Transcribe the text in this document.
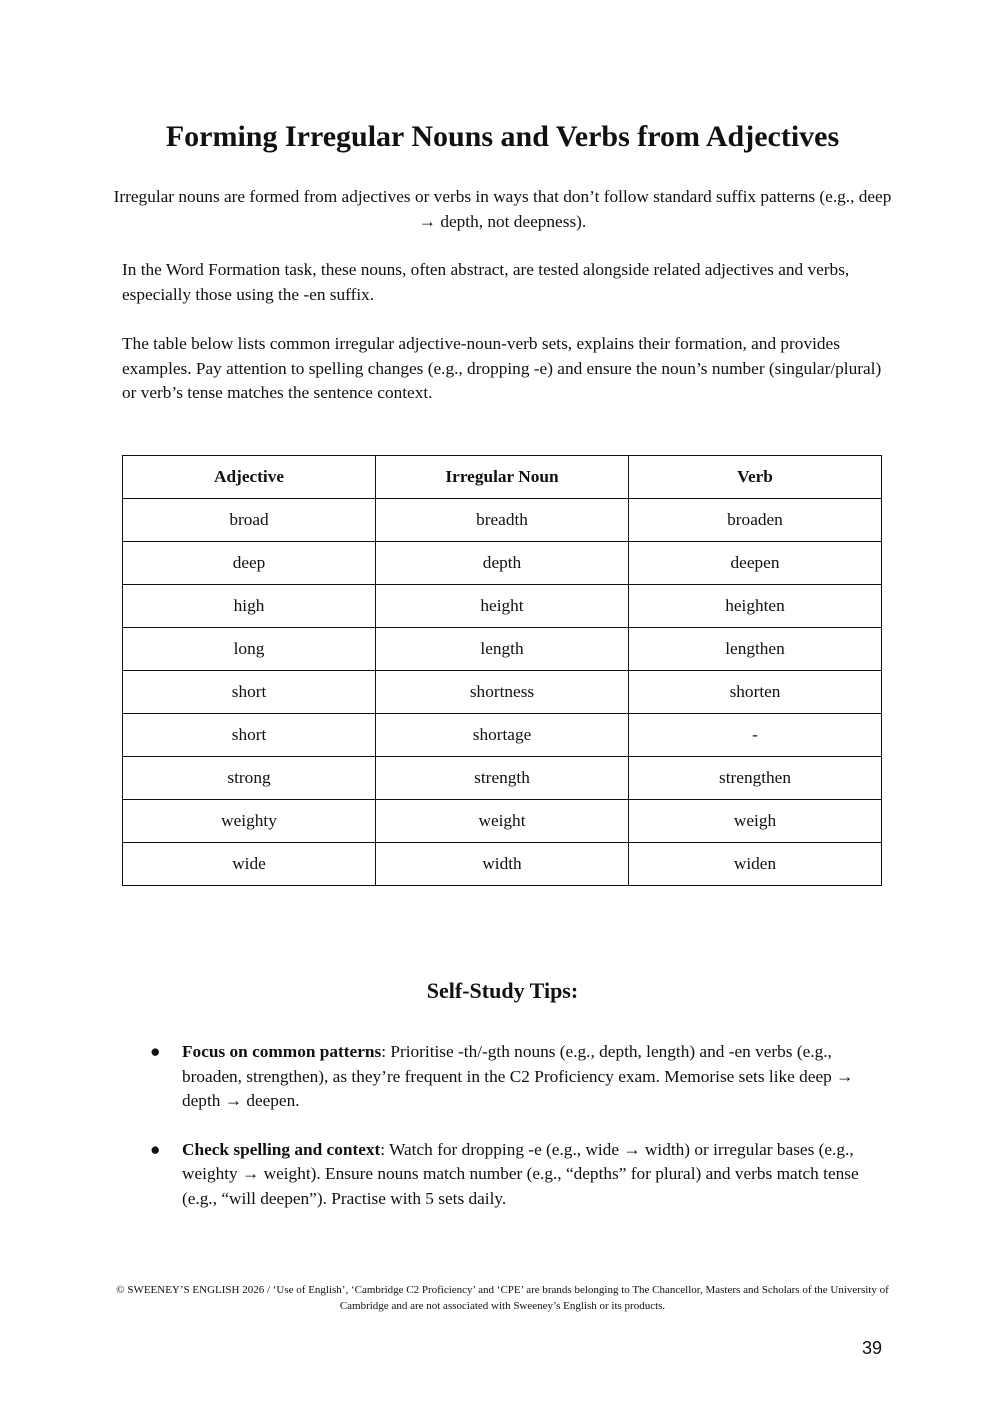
Forming Irregular Nouns and Verbs from Adjectives

Irregular nouns are formed from adjectives or verbs in ways that don’t follow standard suffix patterns (e.g., deep → depth, not deepness).

In the Word Formation task, these nouns, often abstract, are tested alongside related adjectives and verbs, especially those using the -en suffix.

The table below lists common irregular adjective-noun-verb sets, explains their formation, and provides examples. Pay attention to spelling changes (e.g., dropping -e) and ensure the noun’s number (singular/plural) or verb’s tense matches the sentence context.

Adjective	Irregular Noun	Verb
broad	breadth	broaden
deep	depth	deepen
high	height	heighten
long	length	lengthen
short	shortness	shorten
short	shortage	-
strong	strength	strengthen
weighty	weight	weigh
wide	width	widen
Self-Study Tips:
● Focus on common patterns: Prioritise -th/-gth nouns (e.g., depth, length) and -en verbs (e.g., broaden, strengthen), as they’re frequent in the C2 Proficiency exam. Memorise sets like deep → depth → deepen.
● Check spelling and context: Watch for dropping -e (e.g., wide → width) or irregular bases (e.g., weighty → weight). Ensure nouns match number (e.g., “depths” for plural) and verbs match tense (e.g., “will deepen”). Practise with 5 sets daily.
© SWEENEY’S ENGLISH 2026 / ‘Use of English’, ‘Cambridge C2 Proficiency’ and ‘CPE’ are brands belonging to The Chancellor, Masters and Scholars of the University of Cambridge and are not associated with Sweeney’s English or its products.
39
